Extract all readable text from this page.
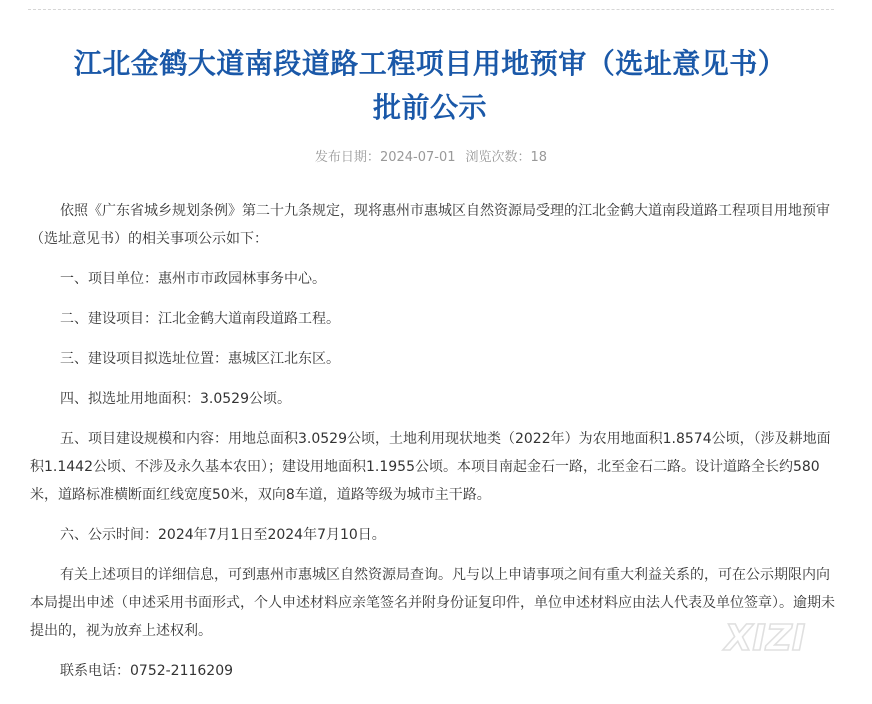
江北金鹤大道南段道路工程项目用地预审（选址意见书）
批前公示
发布日期：2024-07-01 浏览次数：18

依照《广东省城乡规划条例》第二十九条规定，现将惠州市惠城区自然资源局受理的江北金鹤大道南段道路工程项目用地预审（选址意见书）的相关事项公示如下：

一、项目单位：惠州市市政园林事务中心。

二、建设项目：江北金鹤大道南段道路工程。

三、建设项目拟选址位置：惠城区江北东区。

四、拟选址用地面积：3.0529公顷。

五、项目建设规模和内容：用地总面积3.0529公顷，土地利用现状地类（2022年）为农用地面积1.8574公顷，（涉及耕地面积1.1442公顷、不涉及永久基本农田）；建设用地面积1.1955公顷。本项目南起金石一路，北至金石二路。设计道路全长约580米，道路标准横断面红线宽度50米，双向8车道，道路等级为城市主干路。

六、公示时间：2024年7月1日至2024年7月10日。

有关上述项目的详细信息，可到惠州市惠城区自然资源局查询。凡与以上申请事项之间有重大利益关系的，可在公示期限内向本局提出申述（申述采用书面形式，个人申述材料应亲笔签名并附身份证复印件，单位申述材料应由法人代表及单位签章）。逾期未提出的，视为放弃上述权利。

联系电话：0752-2116209

XIZI
